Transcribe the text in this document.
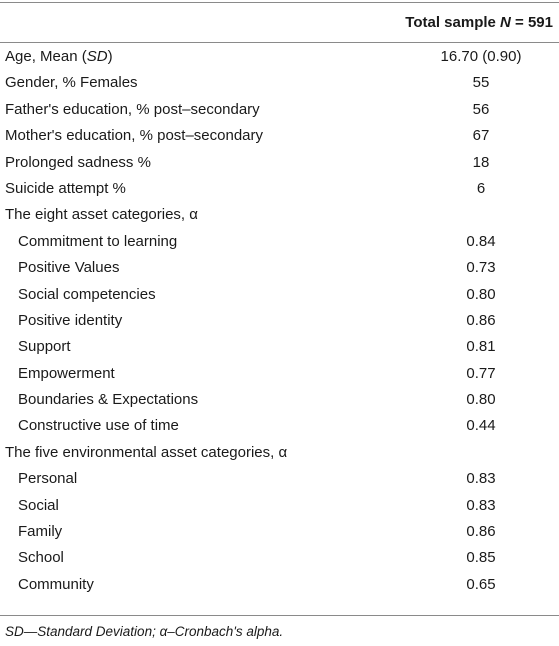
Total sample N = 591
Age, Mean (SD)	16.70 (0.90)
Gender, % Females	55
Father's education, % post–secondary	56
Mother's education, % post–secondary	67
Prolonged sadness %	18
Suicide attempt %	6
The eight asset categories, α
Commitment to learning	0.84
Positive Values	0.73
Social competencies	0.80
Positive identity	0.86
Support	0.81
Empowerment	0.77
Boundaries & Expectations	0.80
Constructive use of time	0.44
The five environmental asset categories, α
Personal	0.83
Social	0.83
Family	0.86
School	0.85
Community	0.65
SD—Standard Deviation; α–Cronbach's alpha.
